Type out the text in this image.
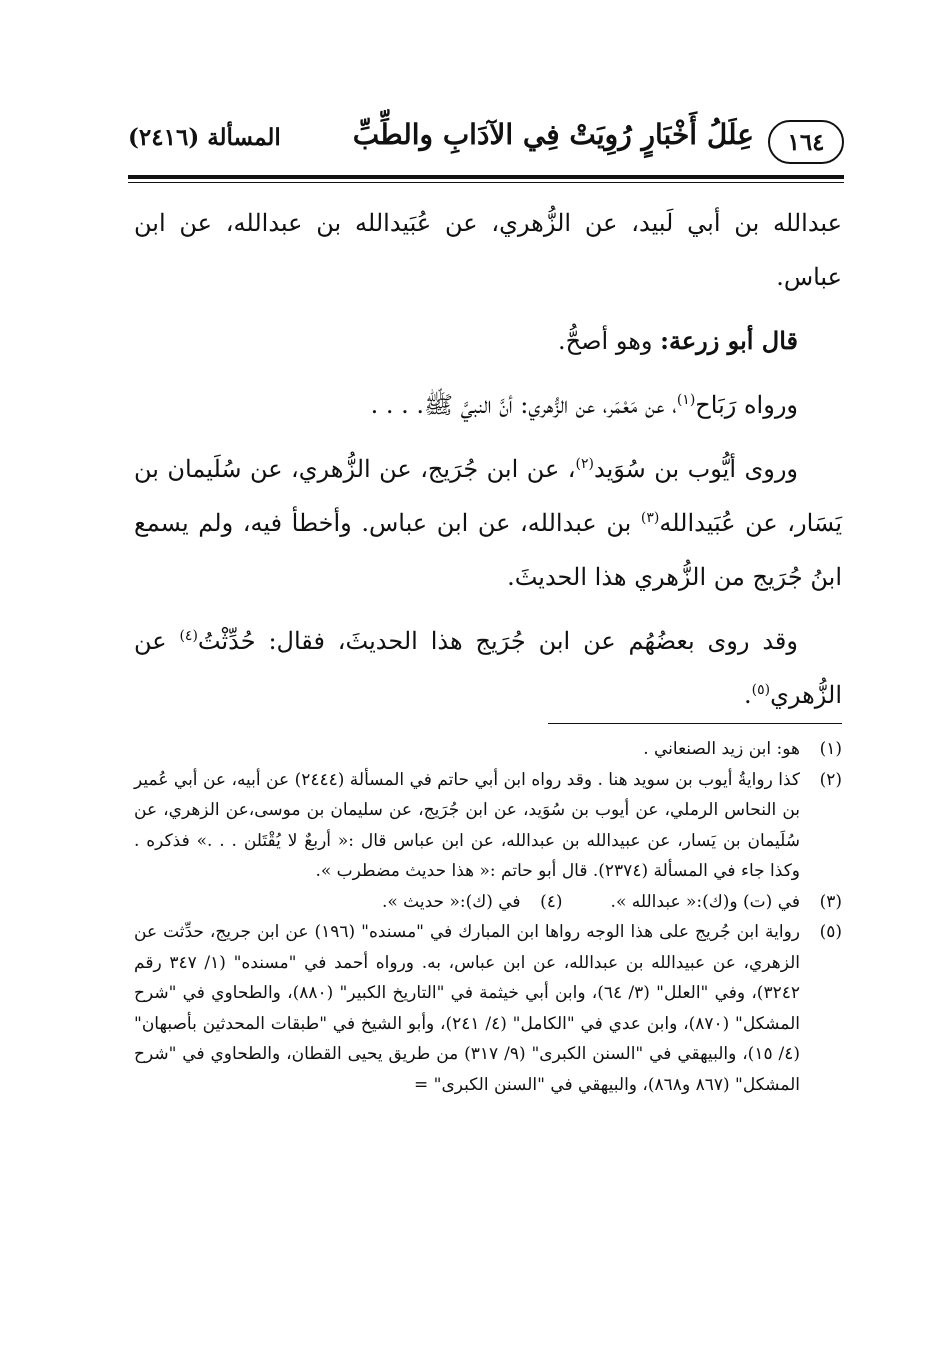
١٦٤
عِلَلُ أَخْبَارٍ رُوِيَتْ فِي الآدَابِ والطِّبِّ
المسألة (٢٤١٦)

عبدالله بن أبي لَبيد، عن الزُّهري، عن عُبَيدالله بن عبدالله، عن ابن عباس.

قال أبو زرعة: وهو أصحُّ.

ورواه رَبَاح$^{(١)}$، عن مَعْمَر، عن الزُّهري: أنَّ النبيَّ ﷺ. . . .

وروى أيُّوب بن سُوَيد$^{(٢)}$، عن ابن جُرَيج، عن الزُّهري، عن سُلَيمان بن يَسَار، عن عُبَيدالله$^{(٣)}$ بن عبدالله، عن ابن عباس. وأخطأ فيه، ولم يسمع ابنُ جُرَيج من الزُّهري هذا الحديثَ.

وقد روى بعضُهُم عن ابن جُرَيج هذا الحديثَ، فقال: حُدِّثْتُ$^{(٤)}$ عن الزُّهري$^{(٥)}$.

(١)
هو: ابن زيد الصنعاني .
(٢)
كذا روايةُ أيوب بن سويد هنا . وقد رواه ابن أبي حاتم في المسألة (٢٤٤٤) عن أبيه، عن أبي عُمير بن النحاس الرملي، عن أيوب بن سُوَيد، عن ابن جُرَيج، عن سليمان بن موسى،عن الزهري، عن سُلَيمان بن يَسار، عن عبيدالله بن عبدالله، عن ابن عباس قال :« أربعٌ لا يُقْتَلن . . .» فذكره . وكذا جاء في المسألة (٢٣٧٤). قال أبو حاتم :« هذا حديث مضطرب ».
(٣)
في (ت) و(ك):« عبدالله ».
(٤)
في (ك):« حديث ».
(٥)
رواية ابن جُريج على هذا الوجه رواها ابن المبارك في "مسنده" (١٩٦) عن ابن جريج، حدِّثت عن الزهري، عن عبيدالله بن عبدالله، عن ابن عباس، به. ورواه أحمد في "مسنده" (١/ ٣٤٧ رقم ٣٢٤٢)، وفي "العلل" (٣/ ٦٤)، وابن أبي خيثمة في "التاريخ الكبير" (٨٨٠)، والطحاوي في "شرح المشكل" (٨٧٠)، وابن عدي في "الكامل" (٤/ ٢٤١)، وأبو الشيخ في "طبقات المحدثين بأصبهان" (٤/ ١٥)، والبيهقي في "السنن الكبرى" (٩/ ٣١٧) من طريق يحيى القطان، والطحاوي في "شرح المشكل" (٨٦٧ و٨٦٨)، والبيهقي في "السنن الكبرى" =
